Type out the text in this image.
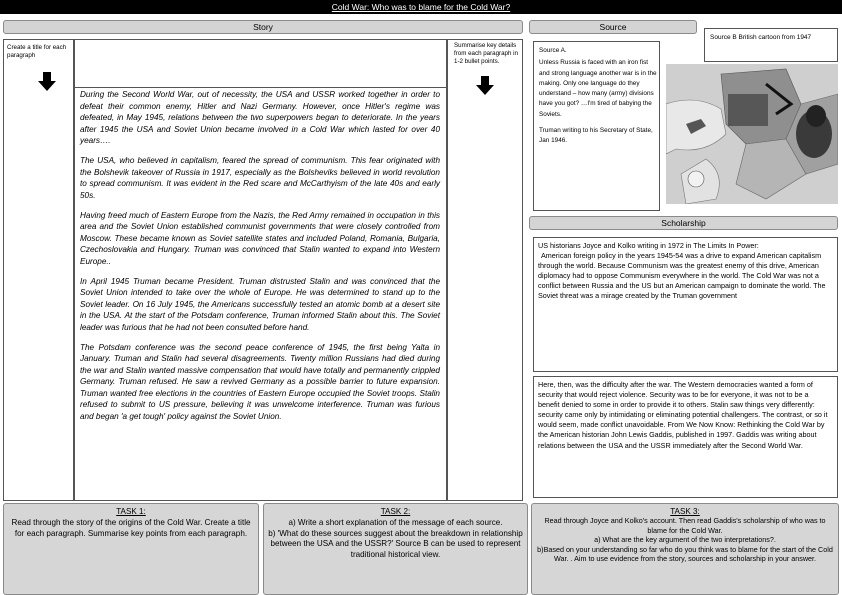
Cold War: Who was to blame for the Cold War?
Story
Create a title for each paragraph
Summarise key details from each paragraph in 1-2 bullet points.

During the Second World War, out of necessity, the USA and USSR worked together in order to defeat their common enemy, Hitler and Nazi Germany. However, once Hitler's regime was defeated, in May 1945, relations between the two superpowers began to deteriorate. In the years after 1945 the USA and Soviet Union became involved in a Cold War which lasted for over 40 years….

The USA, who believed in capitalism, feared the spread of communism. This fear originated with the Bolshevik takeover of Russia in 1917, especially as the Bolsheviks believed in world revolution to spread communism. It was evident in the Red scare and McCarthyism of the late 40s and early 50s.

Having freed much of Eastern Europe from the Nazis, the Red Army remained in occupation in this area and the Soviet Union established communist governments that were closely controlled from Moscow. These became known as Soviet satellite states and included Poland, Romania, Bulgaria, Czechoslovakia and Hungary. Truman was convinced that Stalin wanted to expand into Western Europe..

In April 1945 Truman became President. Truman distrusted Stalin and was convinced that the Soviet Union intended to take over the whole of Europe. He was determined to stand up to the Soviet leader. On 16 July 1945, the Americans successfully tested an atomic bomb at a desert site in the USA. At the start of the Potsdam conference, Truman informed Stalin about this. The Soviet leader was furious that he had not been consulted before hand.

The Potsdam conference was the second peace conference of 1945, the first being Yalta in January. Truman and Stalin had several disagreements. Twenty million Russians had died during the war and Stalin wanted massive compensation that would have totally and permanently crippled Germany. Truman refused. He saw a revived Germany as a possible barrier to future expansion. Truman wanted free elections in the countries of Eastern Europe occupied the Soviet troops. Stalin refused to submit to US pressure, believing it was unwelcome interference. Truman was furious and began 'a get tough' policy against the Soviet Union.

Source

Source A.

Unless Russia is faced with an iron fist and strong language another war is in the making. Only one language do they understand – how many (army) divisions have you got? …I'm tired of babying the Soviets.

Truman writing to his Secretary of State, Jan 1946.

Source B British cartoon from 1947
Scholarship
US historians Joyce and Kolko writing in 1972 in The Limits In Power:
American foreign policy in the years 1945-54 was a drive to expand American capitalism through the world. Because Communism was the greatest enemy of this drive, American diplomacy had to oppose Communism everywhere in the world. The Cold War was not a conflict between Russia and the US but an American campaign to dominate the world. The Soviet threat was a mirage created by the Truman government
Here, then, was the difficulty after the war. The Western democracies wanted a form of security that would reject violence. Security was to be for everyone, it was not to be a benefit denied to some in order to provide it to others. Stalin saw things very differently: security came only by intimidating or eliminating potential challengers. The contrast, or so it would seem, made conflict unavoidable. From We Now Know: Rethinking the Cold War by the American historian John Lewis Gaddis, published in 1997. Gaddis was writing about relations between the USA and the USSR immediately after the Second World War.
TASK 1:
Read through the story of the origins of the Cold War. Create a title for each paragraph. Summarise key points from each paragraph.
TASK 2:
a) Write a short explanation of the message of each source.
b) 'What do these sources suggest about the breakdown in relationship between the USA and the USSR?' Source B can be used to represent traditional historical view.
TASK 3:
Read through Joyce and Kolko's account. Then read Gaddis's scholarship of who was to blame for the Cold War.
a) What are the key argument of the two interpretations?.
b)Based on your understanding so far who do you think was to blame for the start of the Cold War. . Aim to use evidence from the story, sources and scholarship in your answer.
